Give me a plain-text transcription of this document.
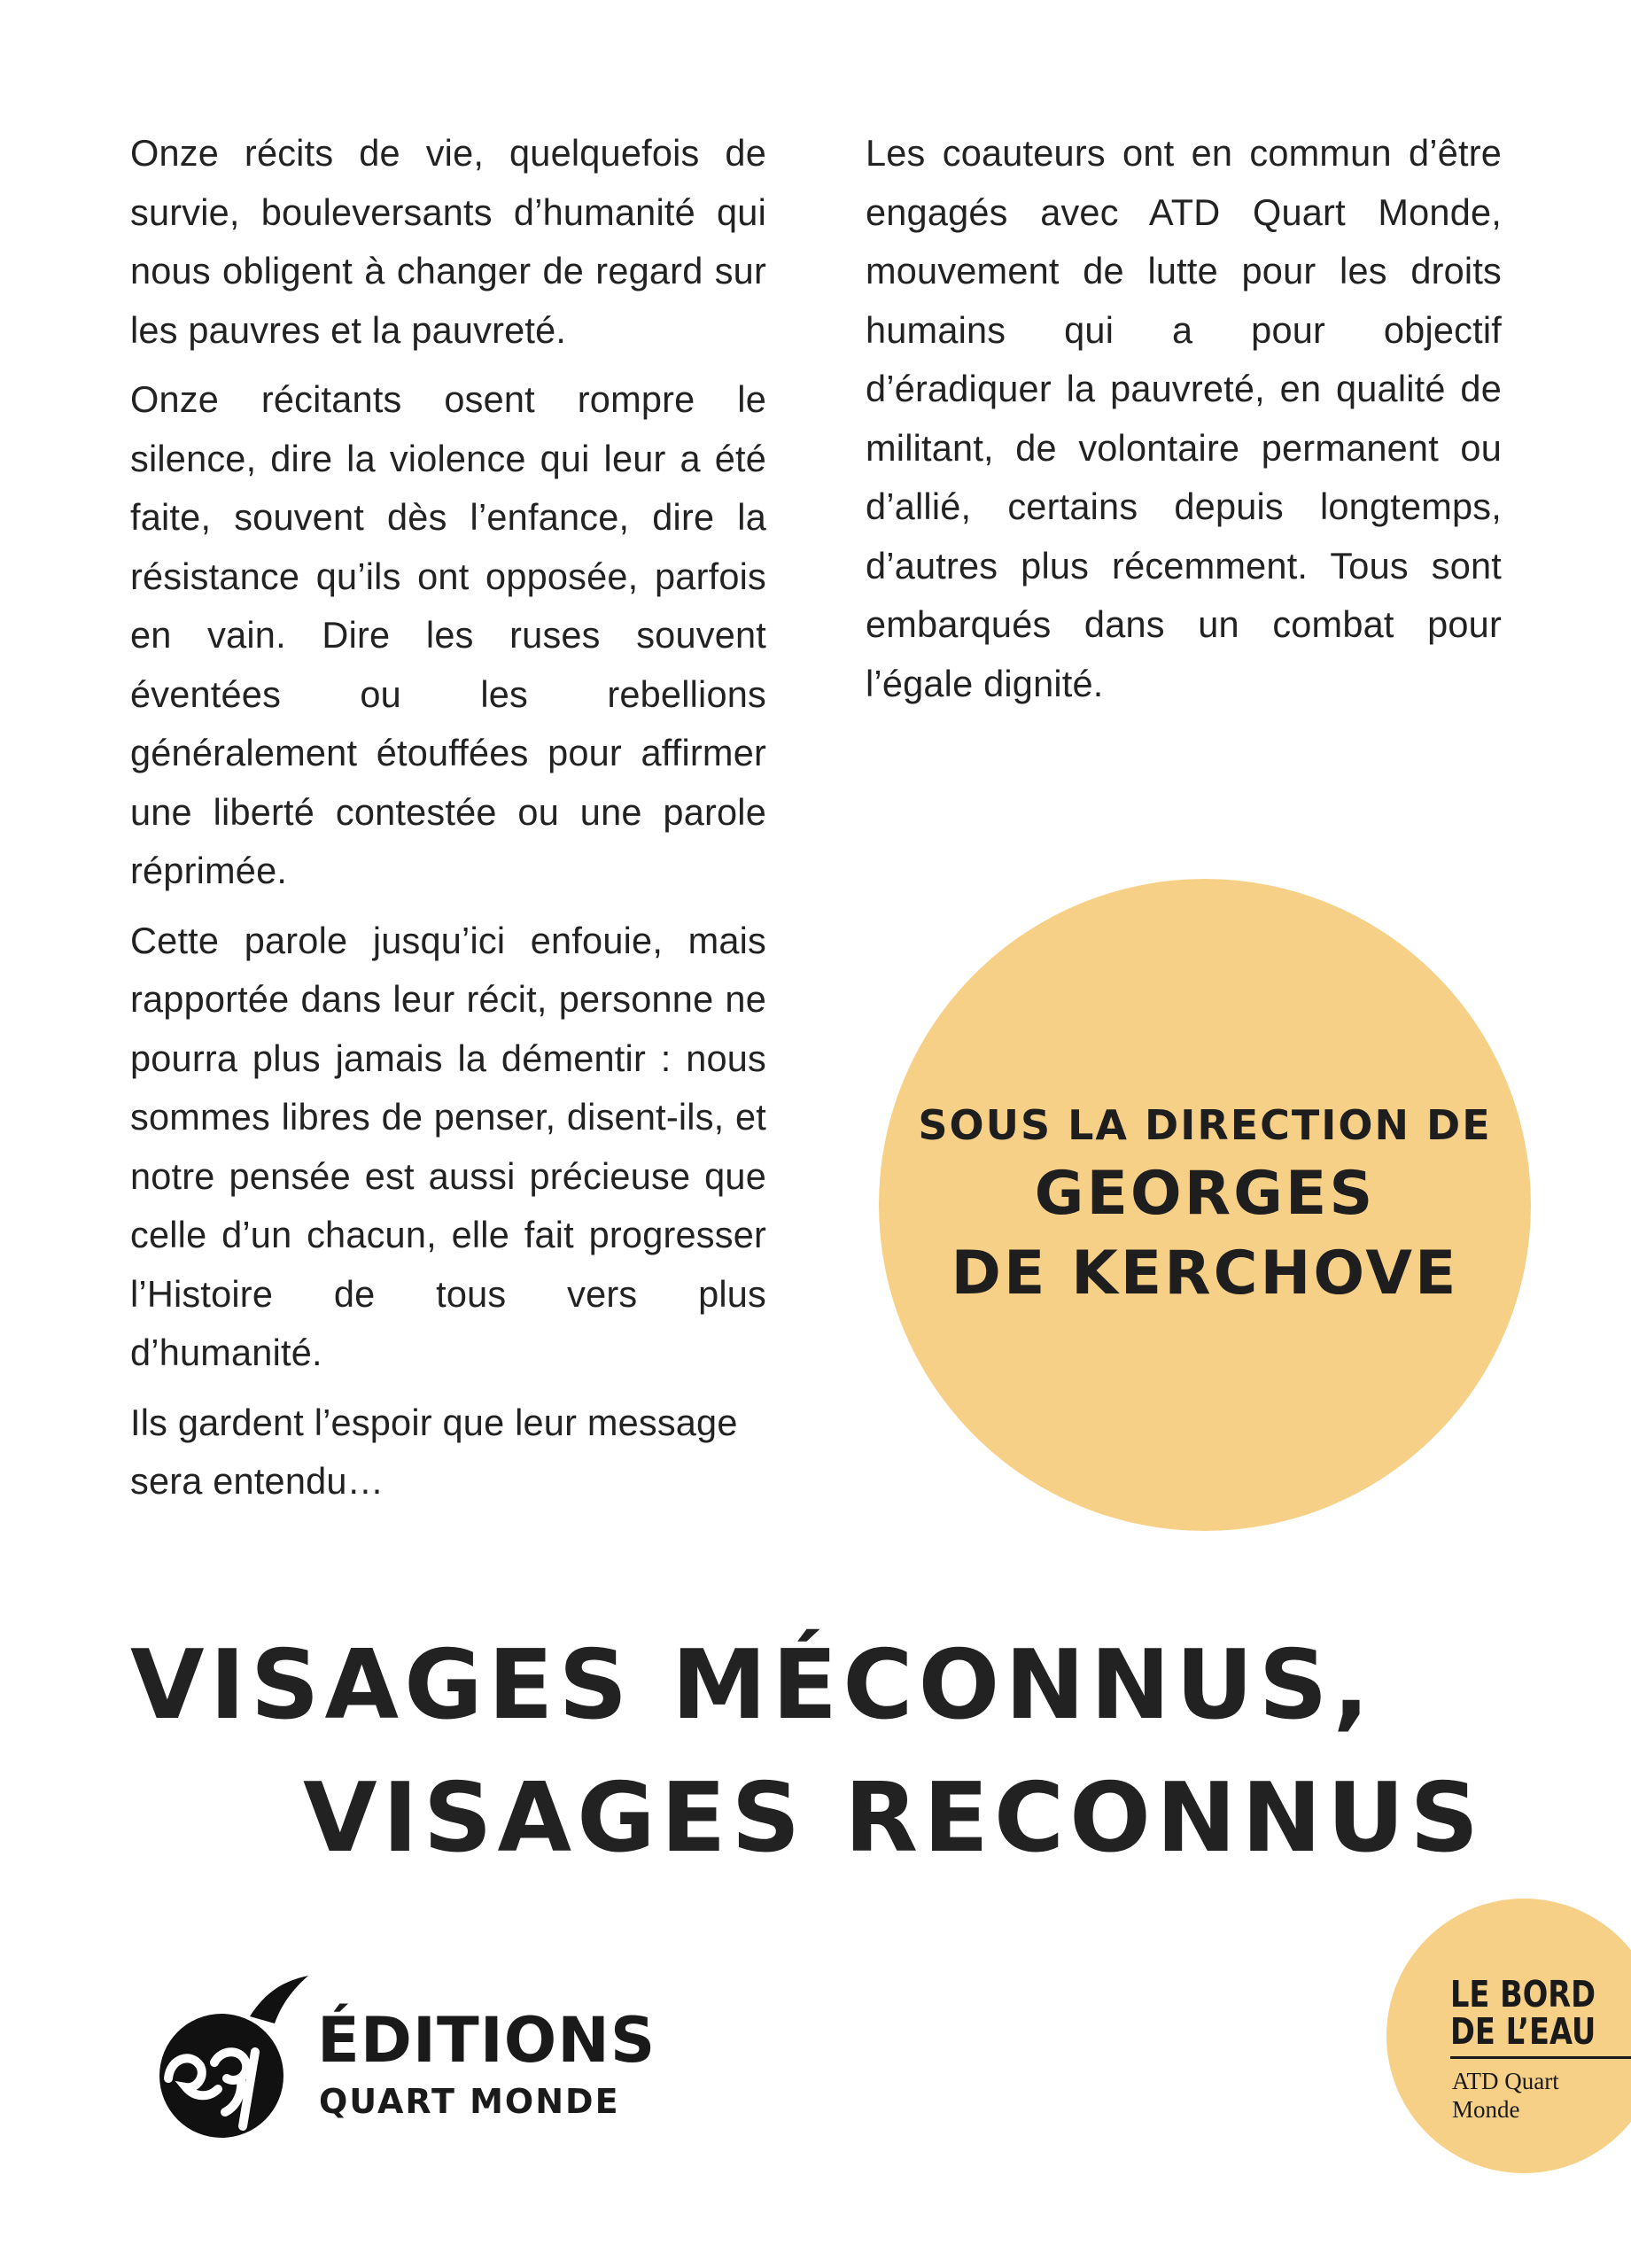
Onze récits de vie, quelquefois de survie, bouleversants d’humanité qui nous obligent à changer de regard sur les pauvres et la pauvreté.

Onze récitants osent rompre le silence, dire la violence qui leur a été faite, souvent dès l’enfance, dire la résistance qu’ils ont opposée, parfois en vain. Dire les ruses souvent éventées ou les rebellions généralement étouffées pour affirmer une liberté contestée ou une parole réprimée.

Cette parole jusqu’ici enfouie, mais rapportée dans leur récit, personne ne pourra plus jamais la démentir : nous sommes libres de penser, disent-ils, et notre pensée est aussi précieuse que celle d’un chacun, elle fait progresser l’Histoire de tous vers plus d’humanité.

Ils gardent l’espoir que leur message sera entendu…

Les coauteurs ont en commun d’être engagés avec ATD Quart Monde, mouvement de lutte pour les droits humains qui a pour objectif d’éradiquer la pauvreté, en qualité de militant, de volontaire permanent ou d’allié, certains depuis longtemps, d’autres plus récemment. Tous sont embarqués dans un combat pour l’égale dignité.

SOUS LA DIRECTION DE
GEORGES
DE KERCHOVE
VISAGES MÉCONNUS,
VISAGES RECONNUS
ÉDITIONS
QUART MONDE
LE BORD
DE L’EAU
ATD Quart
Monde
